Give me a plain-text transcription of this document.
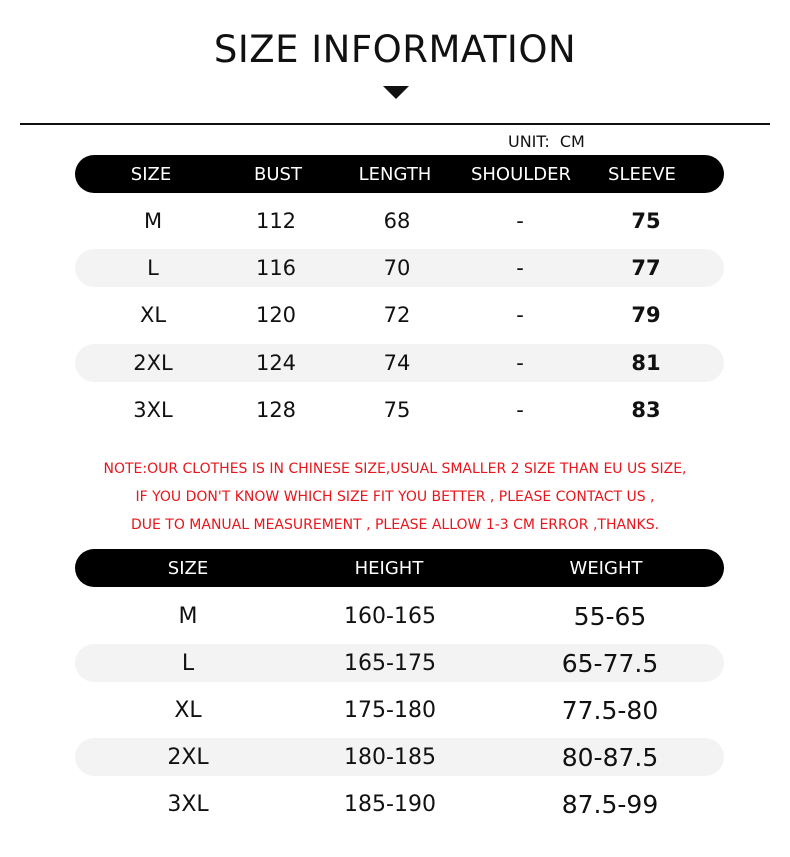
SIZE INFORMATION
UNIT: CM
SIZE	BUST	LENGTH	SHOULDER	SLEEVE
M	112	68	-	75
L	116	70	-	77
XL	120	72	-	79
2XL	124	74	-	81
3XL	128	75	-	83
NOTE:OUR CLOTHES IS IN CHINESE SIZE,USUAL SMALLER 2 SIZE THAN EU US SIZE,
IF YOU DON'T KNOW WHICH SIZE FIT YOU BETTER , PLEASE CONTACT US ,
DUE TO MANUAL MEASUREMENT , PLEASE ALLOW 1-3 CM ERROR ,THANKS.
SIZE	HEIGHT	WEIGHT
M	160-165	55-65
L	165-175	65-77.5
XL	175-180	77.5-80
2XL	180-185	80-87.5
3XL	185-190	87.5-99
